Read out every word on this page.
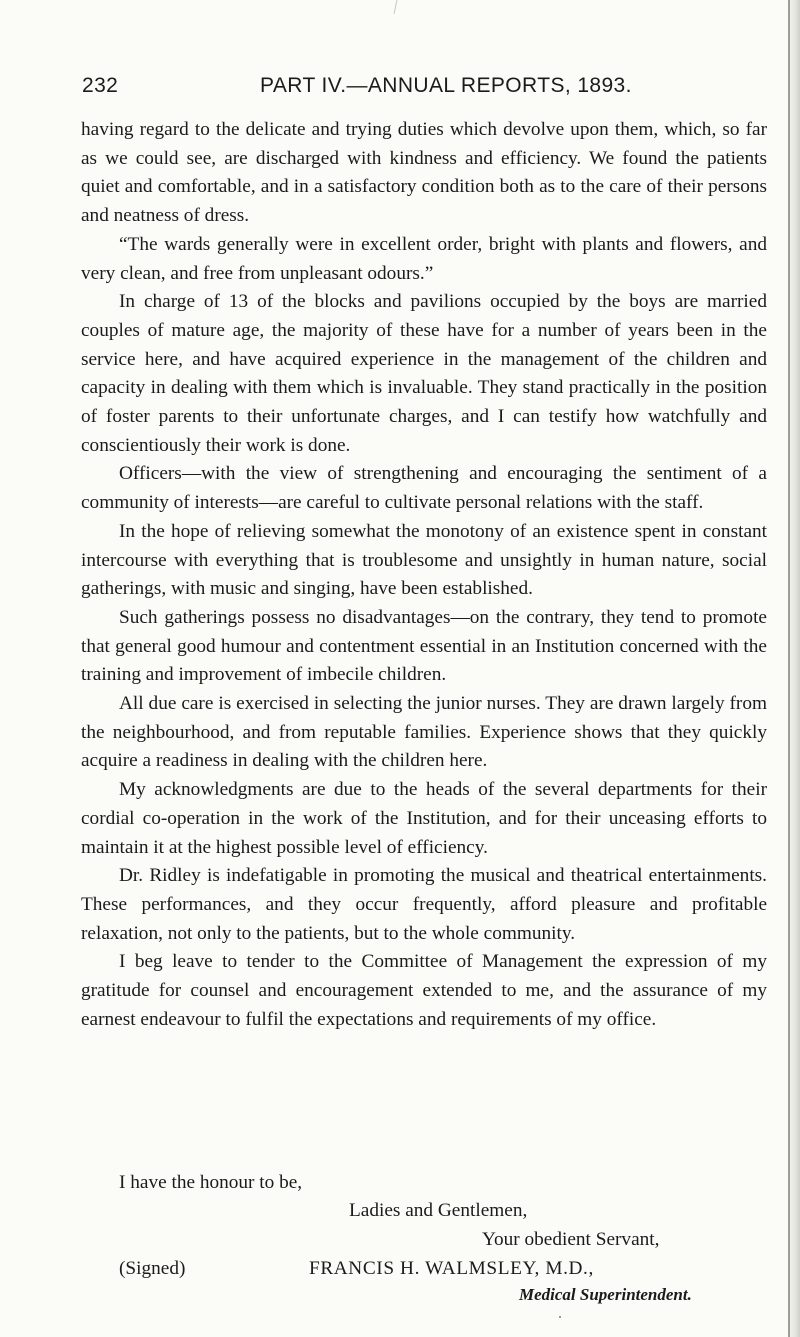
232	PART IV.—ANNUAL REPORTS, 1893.

having regard to the delicate and trying duties which devolve upon them, which, so far as we could see, are discharged with kindness and efficiency. We found the patients quiet and comfortable, and in a satisfactory condition both as to the care of their persons and neatness of dress.

“The wards generally were in excellent order, bright with plants and flowers, and very clean, and free from unpleasant odours.”

In charge of 13 of the blocks and pavilions occupied by the boys are married couples of mature age, the majority of these have for a number of years been in the service here, and have acquired experience in the management of the children and capacity in dealing with them which is invaluable. They stand practically in the position of foster parents to their unfortunate charges, and I can testify how watchfully and conscientiously their work is done.

Officers—with the view of strengthening and encouraging the sentiment of a community of interests—are careful to cultivate personal relations with the staff.

In the hope of relieving somewhat the monotony of an existence spent in constant intercourse with everything that is troublesome and unsightly in human nature, social gatherings, with music and singing, have been established.

Such gatherings possess no disadvantages—on the contrary, they tend to promote that general good humour and contentment essential in an Institution concerned with the training and improvement of imbecile children.

All due care is exercised in selecting the junior nurses. They are drawn largely from the neighbourhood, and from reputable families. Experience shows that they quickly acquire a readiness in dealing with the children here.

My acknowledgments are due to the heads of the several departments for their cordial co-operation in the work of the Institution, and for their unceasing efforts to maintain it at the highest possible level of efficiency.

Dr. Ridley is indefatigable in promoting the musical and theatrical entertainments. These performances, and they occur frequently, afford pleasure and profitable relaxation, not only to the patients, but to the whole community.

I beg leave to tender to the Committee of Management the expression of my gratitude for counsel and encouragement extended to me, and the assurance of my earnest endeavour to fulfil the expectations and requirements of my office.

I have the honour to be,
Ladies and Gentlemen,
Your obedient Servant,
(Signed)	FRANCIS H. WALMSLEY, M.D.,
Medical Superintendent.
